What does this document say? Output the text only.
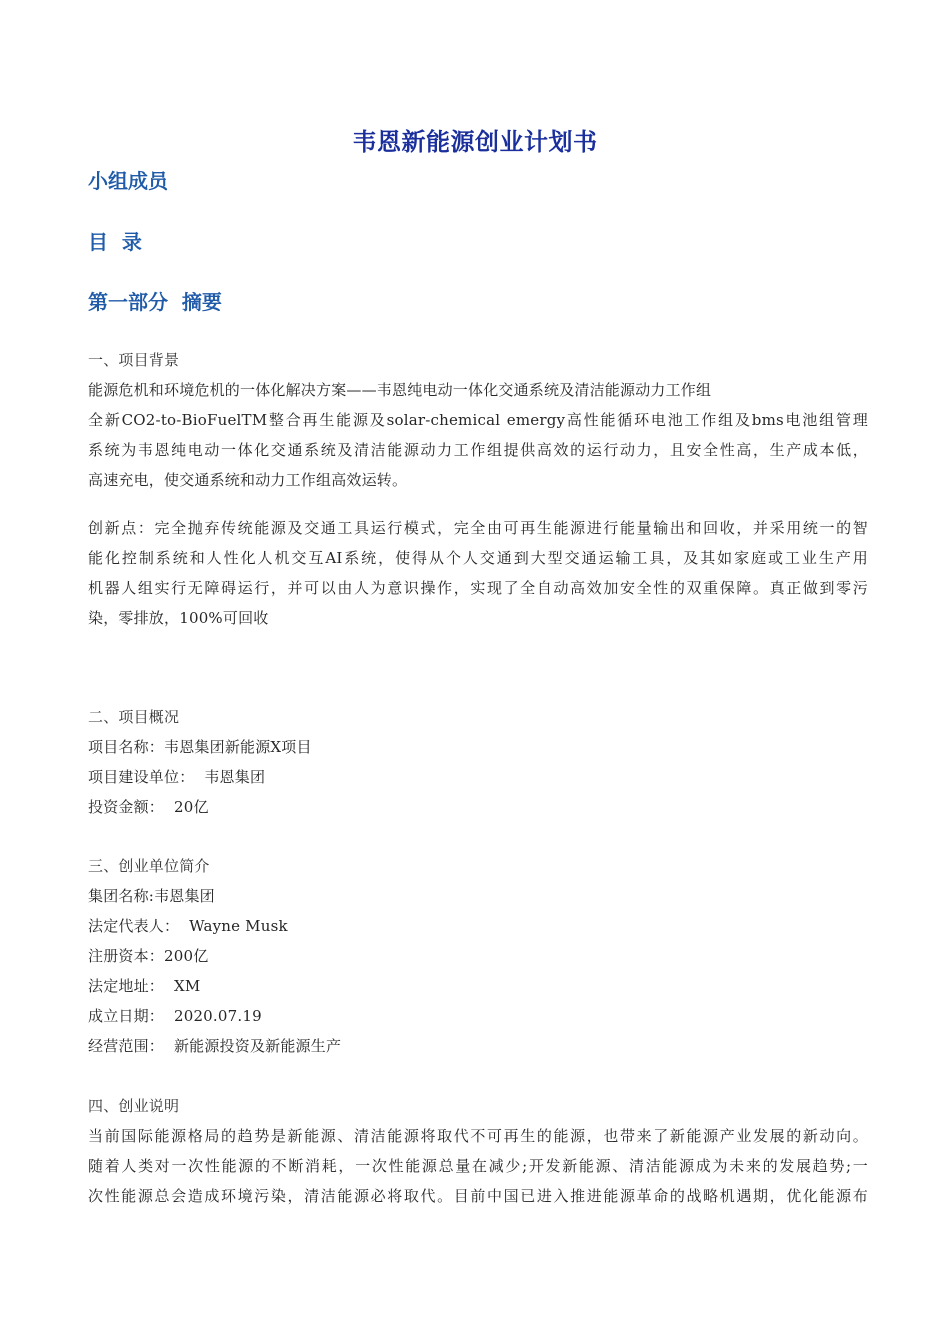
韦恩新能源创业计划书
小组成员
目  录
第一部分  摘要
一、项目背景
能源危机和环境危机的一体化解决方案——韦恩纯电动一体化交通系统及清洁能源动力工作组
全新CO2-to-BioFuelTM整合再生能源及solar-chemical emergy高性能循环电池工作组及bms电池组管理
系统为韦恩纯电动一体化交通系统及清洁能源动力工作组提供高效的运行动力，且安全性高，生产成本低，
高速充电，使交通系统和动力工作组高效运转。
创新点：完全抛弃传统能源及交通工具运行模式，完全由可再生能源进行能量输出和回收，并采用统一的智
能化控制系统和人性化人机交互AI系统，使得从个人交通到大型交通运输工具，及其如家庭或工业生产用
机器人组实行无障碍运行，并可以由人为意识操作，实现了全自动高效加安全性的双重保障。真正做到零污
染，零排放，100%可回收
二、项目概况
项目名称：韦恩集团新能源X项目
项目建设单位：  韦恩集团
投资金额：  20亿
三、创业单位简介
集团名称:韦恩集团
法定代表人：  Wayne Musk
注册资本：200亿
法定地址：  XM
成立日期：  2020.07.19
经营范围：  新能源投资及新能源生产
四、创业说明
当前国际能源格局的趋势是新能源、清洁能源将取代不可再生的能源，也带来了新能源产业发展的新动向。
随着人类对一次性能源的不断消耗，一次性能源总量在减少;开发新能源、清洁能源成为未来的发展趋势;一
次性能源总会造成环境污染，清洁能源必将取代。目前中国已进入推进能源革命的战略机遇期，优化能源布
